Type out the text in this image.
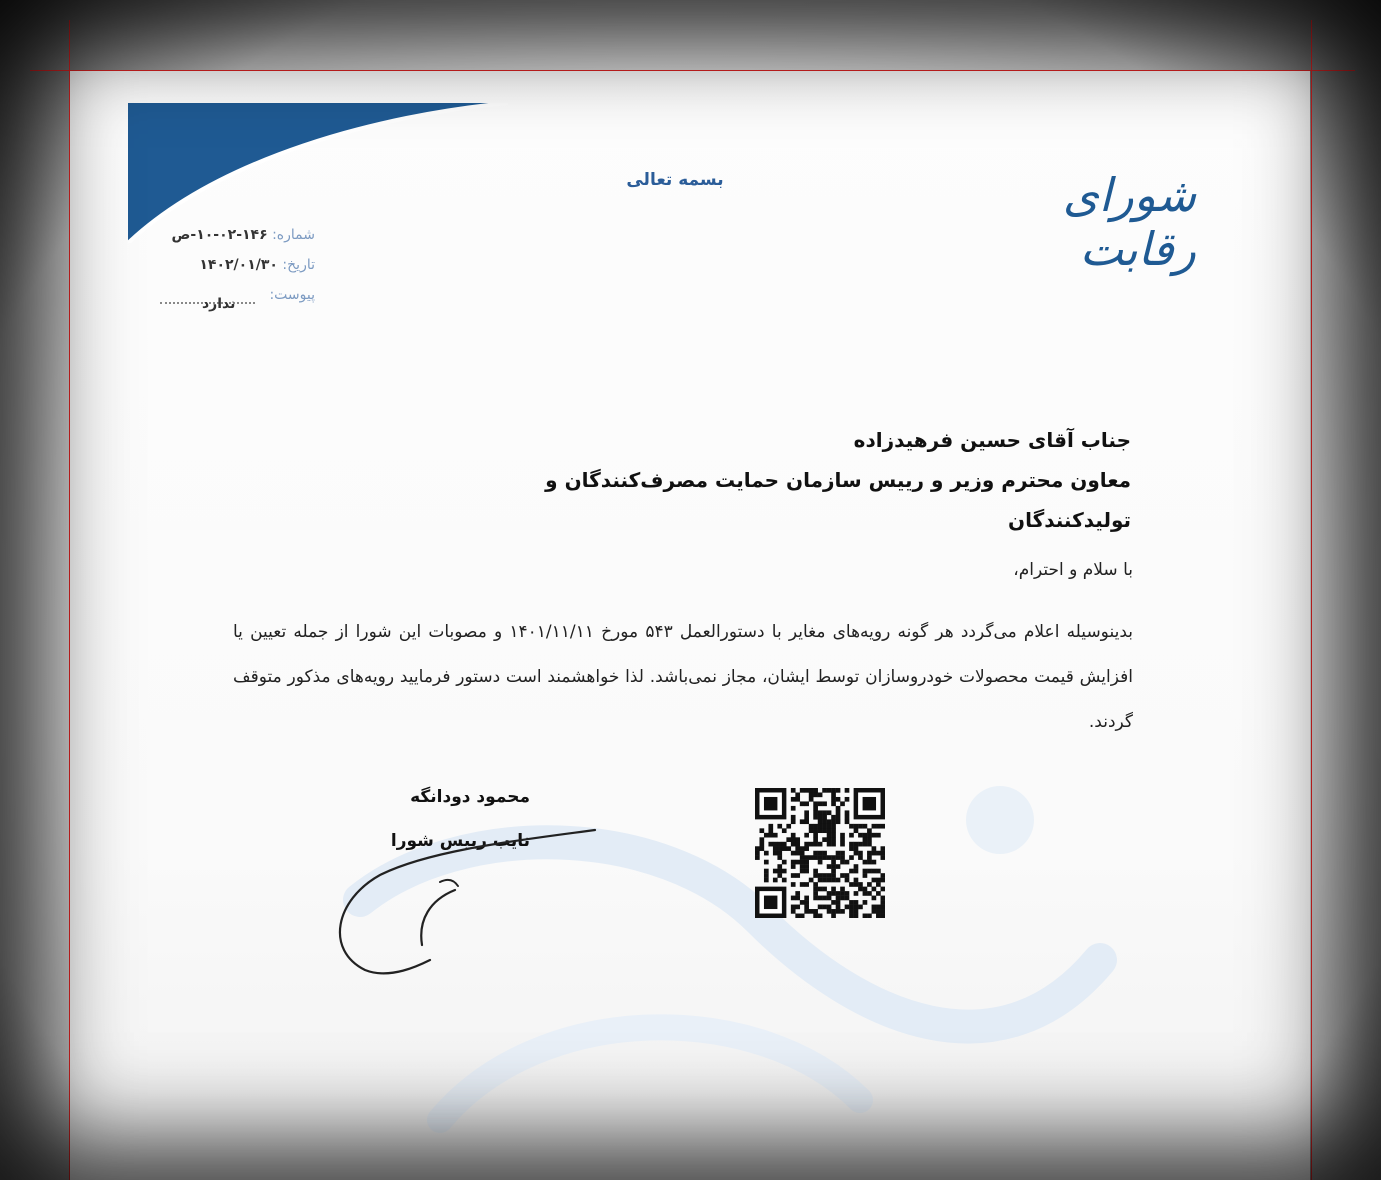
شورای رقابت
بسمه تعالی
شماره: ۱۴۶-۰۲-۱۰-ص
تاریخ: ۱۴۰۲/۰۱/۳۰
پیوست:
ندارد
جناب آقای حسین فرهیدزاده
معاون محترم وزیر و رییس سازمان حمایت مصرف‌کنندگان و تولیدکنندگان
با سلام و احترام،
بدینوسیله اعلام می‌گردد هر گونه رویه‌های مغایر با دستورالعمل ۵۴۳ مورخ ۱۴۰۱/۱۱/۱۱ و مصوبات این شورا از جمله تعیین یا افزایش قیمت محصولات خودروسازان توسط ایشان، مجاز نمی‌باشد. لذا خواهشمند است دستور فرمایید رویه‌های مذکور متوقف گردند.
محمود دودانگه
نایب رییس شورا
